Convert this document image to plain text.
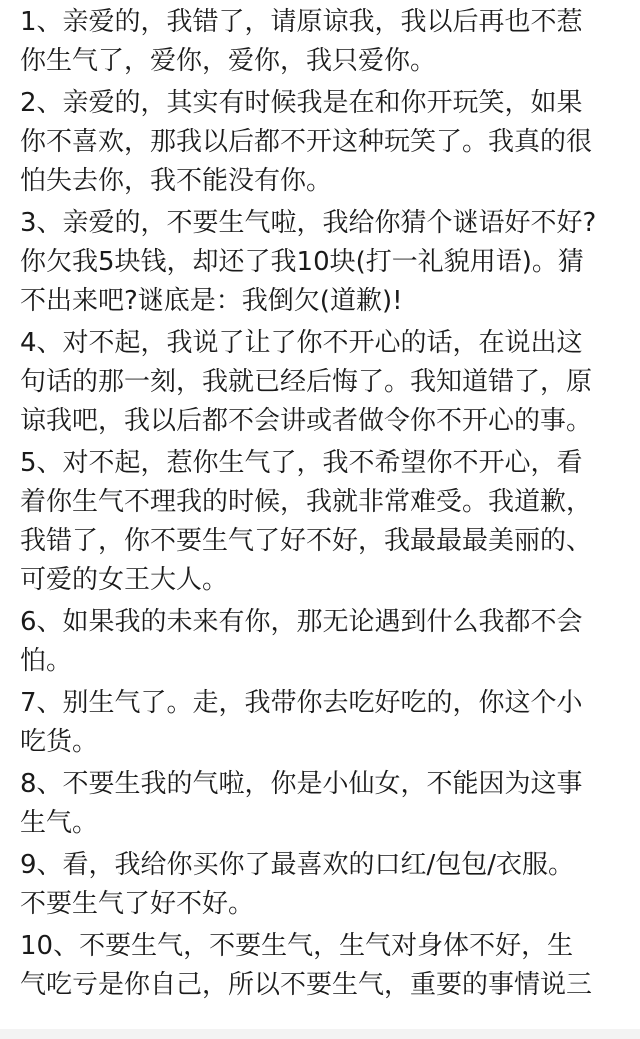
1、亲爱的，我错了，请原谅我，我以后再也不惹
你生气了，爱你，爱你，我只爱你。
2、亲爱的，其实有时候我是在和你开玩笑，如果
你不喜欢，那我以后都不开这种玩笑了。我真的很
怕失去你，我不能没有你。
3、亲爱的，不要生气啦，我给你猜个谜语好不好?
你欠我5块钱，却还了我10块(打一礼貌用语)。猜
不出来吧?谜底是：我倒欠(道歉)!
4、对不起，我说了让了你不开心的话，在说出这
句话的那一刻，我就已经后悔了。我知道错了，原
谅我吧，我以后都不会讲或者做令你不开心的事。
5、对不起，惹你生气了，我不希望你不开心，看
着你生气不理我的时候，我就非常难受。我道歉，
我错了，你不要生气了好不好，我最最最美丽的、
可爱的女王大人。
6、如果我的未来有你，那无论遇到什么我都不会
怕。
7、别生气了。走，我带你去吃好吃的，你这个小
吃货。
8、不要生我的气啦，你是小仙女，不能因为这事
生气。
9、看，我给你买你了最喜欢的口红/包包/衣服。
不要生气了好不好。
10、不要生气，不要生气，生气对身体不好，生
气吃亏是你自己，所以不要生气，重要的事情说三
